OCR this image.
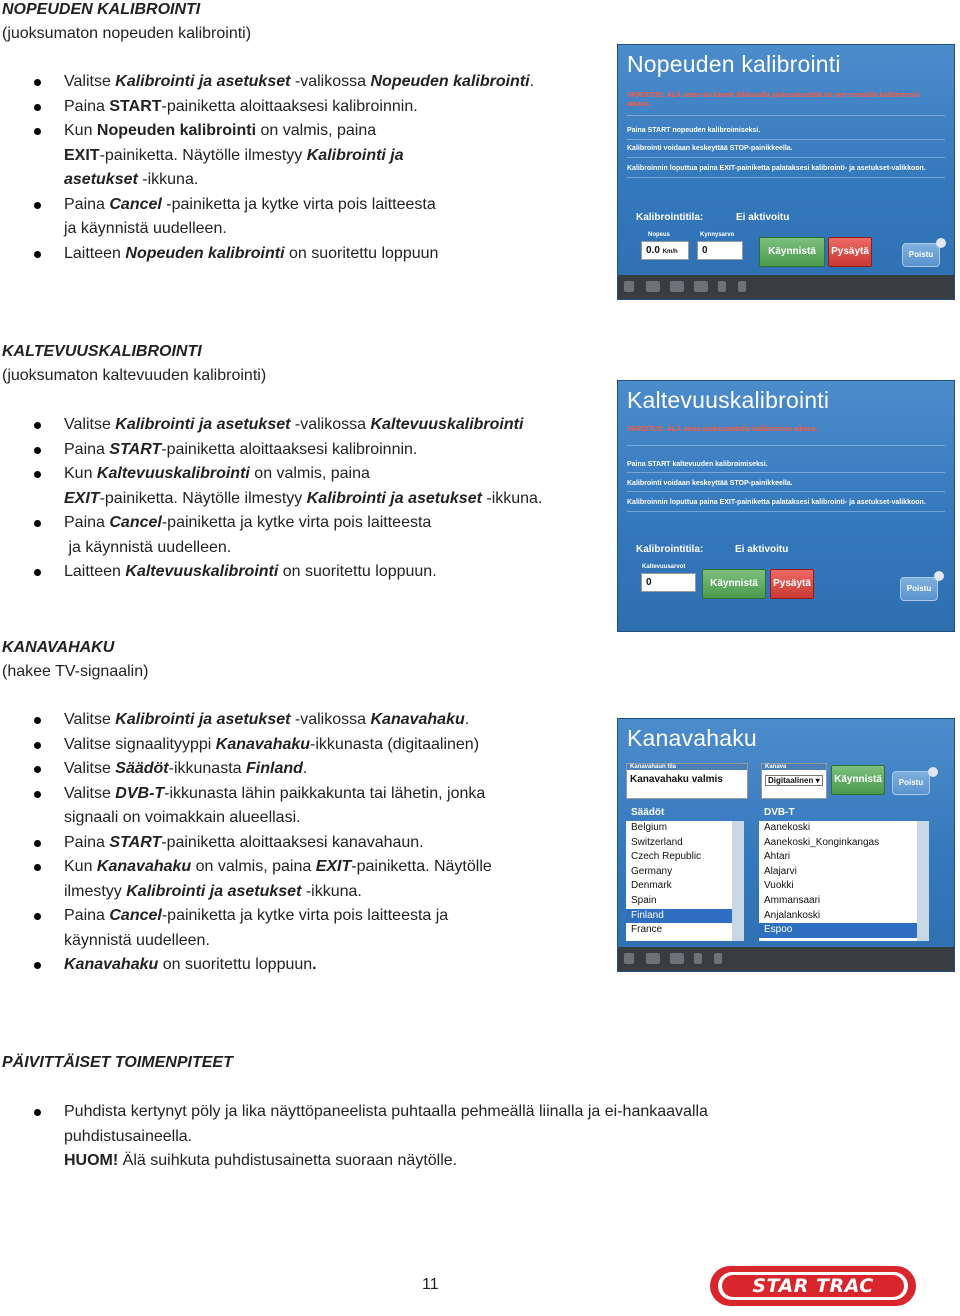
NOPEUDEN KALIBROINTI
(juoksumaton nopeuden kalibrointi)
Valitse Kalibrointi ja asetukset -valikossa Nopeuden kalibrointi.
Paina START-painiketta aloittaaksesi kalibroinnin.
Kun Nopeuden kalibrointi on valmis, paina
EXIT-painiketta. Näytölle ilmestyy Kalibrointi ja
asetukset -ikkuna.
Paina Cancel -painiketta ja kytke virta pois laitteesta
ja käynnistä uudelleen.
Laitteen Nopeuden kalibrointi on suoritettu loppuun
Nopeuden kalibrointi
VAROITUS: ÄLÄ seiso tai kävele liikkuvalla juoksualustalla tai sen reunoilla kalibroinnin
aikana.
Paina START nopeuden kalibroimiseksi.
Kalibrointi voidaan keskeyttää STOP-painikkeella.
Kalibroinnin loputtua paina EXIT-painiketta palataksesi kalibrointi- ja asetukset-valikkoon.
Kalibrointitila:	Ei aktivoitu
Nopeus	Kynnysarvo
0.0 Km/h	0	Käynnistä	Pysäytä	Poistu
KALTEVUUSKALIBROINTI
(juoksumaton kaltevuuden kalibrointi)
Valitse Kalibrointi ja asetukset -valikossa Kaltevuuskalibrointi
Paina START-painiketta aloittaaksesi kalibroinnin.
Kun Kaltevuuskalibrointi on valmis, paina
EXIT-painiketta. Näytölle ilmestyy Kalibrointi ja asetukset -ikkuna.
Paina Cancel-painiketta ja kytke virta pois laitteesta
ja käynnistä uudelleen.
Laitteen Kaltevuuskalibrointi on suoritettu loppuun.
Kaltevuuskalibrointi
VAROITUS: ÄLÄ seiso juoksumatolla kalibroinnin aikana.
Paina START kaltevuuden kalibroimiseksi.
Kalibrointi voidaan keskeyttää STOP-painikkeella.
Kalibroinnin loputtua paina EXIT-painiketta palataksesi kalibrointi- ja asetukset-valikkoon.
Kalibrointitila:	Ei aktivoitu
Kaltevuusarvot
0	Käynnistä	Pysäytä	Poistu
KANAVAHAKU
(hakee TV-signaalin)
Valitse Kalibrointi ja asetukset -valikossa Kanavahaku.
Valitse signaalityyppi Kanavahaku-ikkunasta (digitaalinen)
Valitse Säädöt-ikkunasta Finland.
Valitse DVB-T-ikkunasta lähin paikkakunta tai lähetin, jonka
signaali on voimakkain alueellasi.
Paina START-painiketta aloittaaksesi kanavahaun.
Kun Kanavahaku on valmis, paina EXIT-painiketta. Näytölle
ilmestyy Kalibrointi ja asetukset -ikkuna.
Paina Cancel-painiketta ja kytke virta pois laitteesta ja
käynnistä uudelleen.
Kanavahaku on suoritettu loppuun.
Kanavahaku
Kanavahaun tila
Kanavahaku valmis
Kanava
Digitaalinen ▾	Käynnistä	Poistu
Säädöt	DVB-T
Belgium
Switzerland
Czech Republic
Germany
Denmark
Spain
Finland
France
Aanekoski
Aanekoski_Konginkangas
Ahtari
Alajarvi
Vuokki
Ammansaari
Anjalankoski
Espoo
PÄIVITTÄISET TOIMENPITEET
Puhdista kertynyt pöly ja lika näyttöpaneelista puhtaalla pehmeällä liinalla ja ei-hankaavalla
puhdistusaineella.
HUOM! Älä suihkuta puhdistusainetta suoraan näytölle.
11	STAR TRAC
